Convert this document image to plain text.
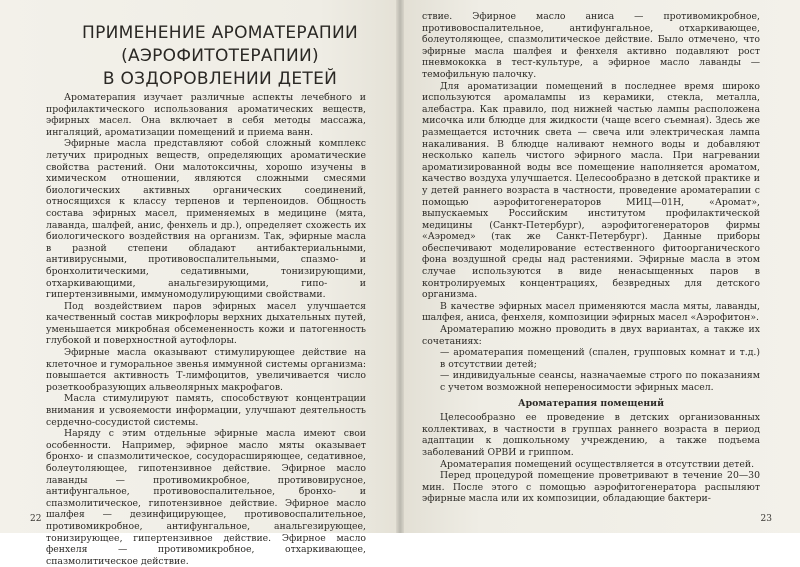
ПРИМЕНЕНИЕ АРОМАТЕРАПИИ
(АЭРОФИТОТЕРАПИИ)
В ОЗДОРОВЛЕНИИ ДЕТЕЙ

Ароматерапия изучает различные аспекты лечебного и профилактического использования ароматических веществ, эфирных масел. Она включает в себя методы массажа, ингаляций, ароматизации помещений и приема ванн.

Эфирные масла представляют собой сложный комплекс летучих природных веществ, определяющих ароматические свойства растений. Они малотоксичны, хорошо изучены в химическом отношении, являются сложными смесями биологических активных органических соединений, относящихся к классу терпенов и терпеноидов. Общность состава эфирных масел, применяемых в медицине (мята, лаванда, шалфей, анис, фенхель и др.), определяет схожесть их биологического воздействия на организм. Так, эфирные масла в разной степени обладают антибактериальными, антивирусными, противовоспалительными, спазмо- и бронхолитическими, седативными, тонизирующими, отхаркивающими, анальгезирующими, гипо- и гипертензивными, иммуномодулирующими свойствами.

Под воздействием паров эфирных масел улучшается качественный состав микрофлоры верхних дыхательных путей, уменьшается микробная обсемененность кожи и патогенность глубокой и поверхностной аутофлоры.

Эфирные масла оказывают стимулирующее действие на клеточное и гуморальное звенья иммунной системы организма: повышается активность Т-лимфоцитов, увеличивается число розеткообразующих альвеолярных макрофагов.

Масла стимулируют память, способствуют концентрации внимания и усвояемости информации, улучшают деятельность сердечно-сосудистой системы.

Наряду с этим отдельные эфирные масла имеют свои особенности. Например, эфирное масло мяты оказывает бронхо- и спазмолитическое, сосудорасширяющее, седативное, болеутоляющее, гипотензивное действие. Эфирное масло лаванды — противомикробное, противовирусное, антифунгальное, противовоспалительное, бронхо- и спазмолитическое, гипотензивное действие. Эфирное масло шалфея — дезинфицирующее, противовоспалительное, противомикробное, антифунгальное, анальгезирующее, тонизирующее, гипертензивное действие. Эфирное масло фенхеля — противомикробное, отхаркивающее, спазмолитическое действие.

22

ствие. Эфирное масло аниса — противомикробное, противовоспалительное, антифунгальное, отхаркивающее, болеутоляющее, спазмолитическое действие. Было отмечено, что эфирные масла шалфея и фенхеля активно подавляют рост пневмококка в тест-культуре, а эфирное масло лаванды — темофильную палочку.

Для ароматизации помещений в последнее время широко используются аромалампы из керамики, стекла, металла, алебастра. Как правило, под нижней частью лампы расположена мисочка или блюдце для жидкости (чаще всего съемная). Здесь же размещается источник света — свеча или электрическая лампа накаливания. В блюдце наливают немного воды и добавляют несколько капель чистого эфирного масла. При нагревании ароматизированной воды все помещение наполняется ароматом, качество воздуха улучшается. Целесообразно в детской практике и у детей раннего возраста в частности, проведение ароматерапии с помощью аэрофитогенераторов МИЦ—01Н, «Аромат», выпускаемых Российским институтом профилактической медицины (Санкт-Петербург), аэрофитогенераторов фирмы «Аэромед» (так же Санкт-Петербург). Данные приборы обеспечивают моделирование естественного фитоорганического фона воздушной среды над растениями. Эфирные масла в этом случае используются в виде ненасыщенных паров в контролируемых концентрациях, безвредных для детского организма.

В качестве эфирных масел применяются масла мяты, лаванды, шалфея, аниса, фенхеля, композиции эфирных масел «Аэрофитон».

Ароматерапию можно проводить в двух вариантах, а также их сочетаниях:

— ароматерапия помещений (спален, групповых комнат и т.д.) в отсутствии детей;

— индивидуальные сеансы, назначаемые строго по показаниям с учетом возможной непереносимости эфирных масел.

Ароматерапия помещений

Целесообразно ее проведение в детских организованных коллективах, в частности в группах раннего возраста в период адаптации к дошкольному учреждению, а также подъема заболеваний ОРВИ и гриппом.

Ароматерапия помещений осуществляется в отсутствии детей.

Перед процедурой помещение проветривают в течение 20—30 мин. После этого с помощью аэрофитогенератора распыляют эфирные масла или их композиции, обладающие бактери-

23
